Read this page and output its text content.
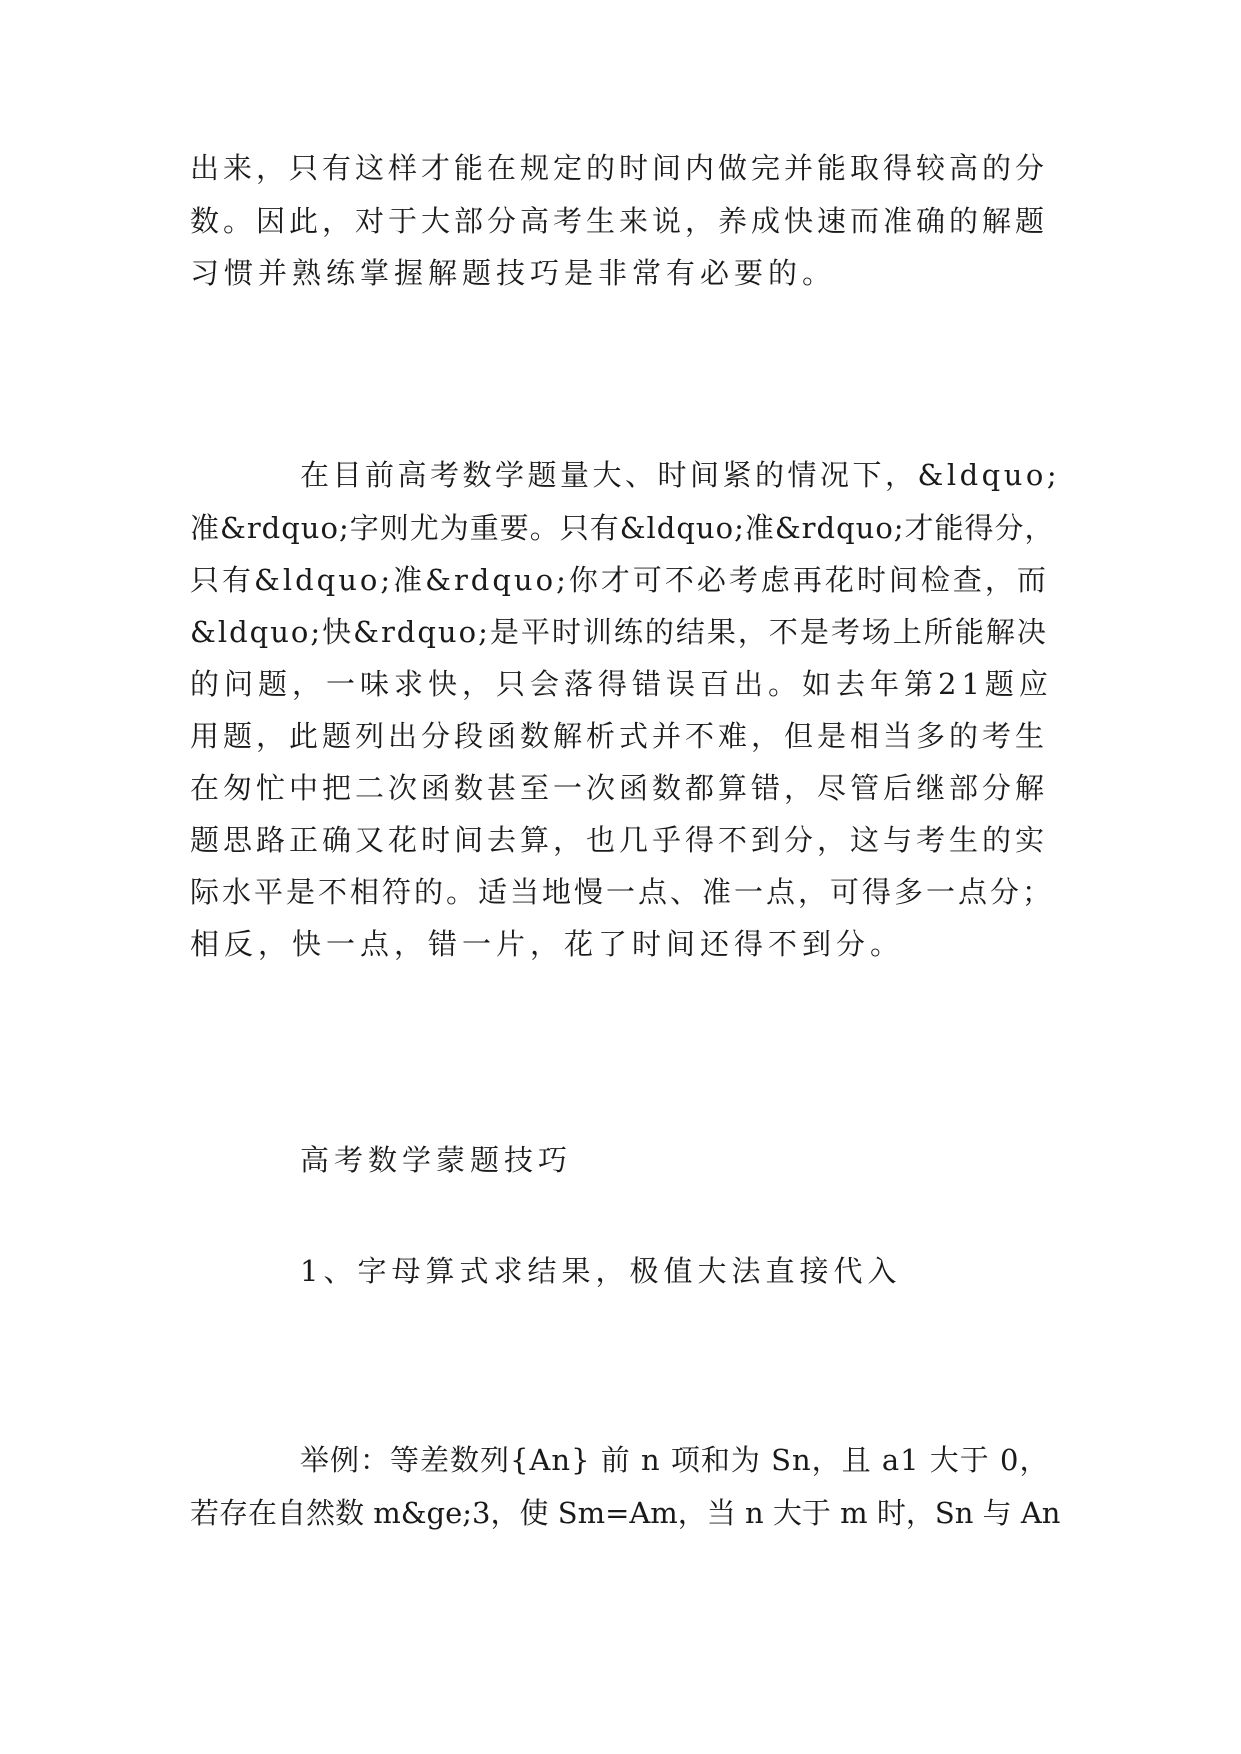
出来，只有这样才能在规定的时间内做完并能取得较高的分
数。因此，对于大部分高考生来说，养成快速而准确的解题
习惯并熟练掌握解题技巧是非常有必要的。
在目前高考数学题量大、时间紧的情况下，&ldquo;
准&rdquo;字则尤为重要。只有&ldquo;准&rdquo;才能得分，
只有&ldquo;准&rdquo;你才可不必考虑再花时间检查，而
&ldquo;快&rdquo;是平时训练的结果，不是考场上所能解决
的问题，一味求快，只会落得错误百出。如去年第21题应
用题，此题列出分段函数解析式并不难，但是相当多的考生
在匆忙中把二次函数甚至一次函数都算错，尽管后继部分解
题思路正确又花时间去算，也几乎得不到分，这与考生的实
际水平是不相符的。适当地慢一点、准一点，可得多一点分；
相反，快一点，错一片，花了时间还得不到分。
高考数学蒙题技巧
1、字母算式求结果，极值大法直接代入
举例：等差数列{An} 前 n 项和为 Sn，且 a1 大于 0，
若存在自然数 m&ge;3，使 Sm=Am，当 n 大于 m 时，Sn 与 An
